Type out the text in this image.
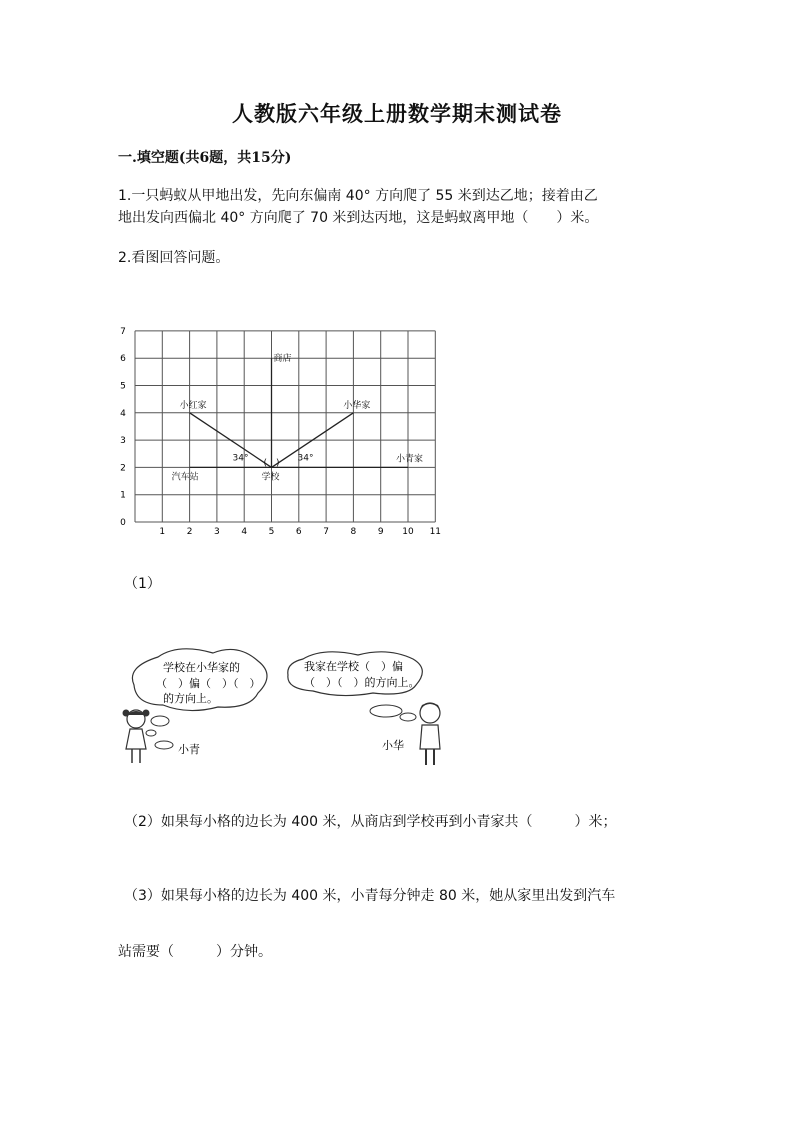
人教版六年级上册数学期末测试卷
一.填空题(共6题，共15分)
1.一只蚂蚁从甲地出发，先向东偏南 40° 方向爬了 55 米到达乙地；接着由乙
地出发向西偏北 40° 方向爬了 70 米到达丙地，这是蚂蚁离甲地（　　）米。
2.看图回答问题。
1 2 3 4 5 6 7 8 9 10 11
0
1
2
3
4
5
6
7
商店
小红家	小华家
小青家
汽车站	学校
34°	34°
(　)
（1）
学校在小华家的
（　）偏（　）（　）
的方向上。
小青
我家在学校（　）偏
（　）（　）的方向上。
小华
（2）如果每小格的边长为 400 米，从商店到学校再到小青家共（　　　）米；
（3）如果每小格的边长为 400 米，小青每分钟走 80 米，她从家里出发到汽车
站需要（　　　）分钟。
